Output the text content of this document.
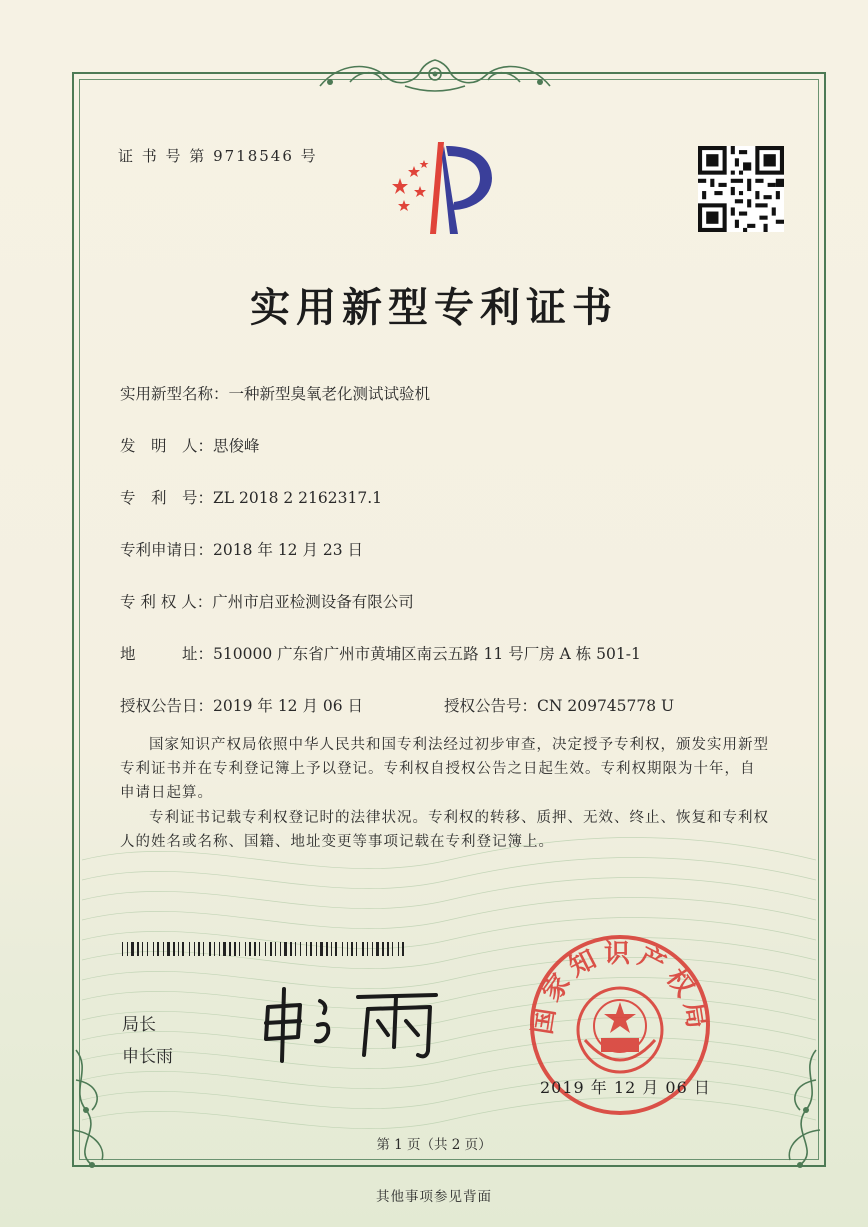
证 书 号 第 9718546 号
实用新型专利证书
实用新型名称：一种新型臭氧老化测试试验机
发　明　人：思俊峰
专　利　号：ZL 2018 2 2162317.1
专利申请日：2018 年 12 月 23 日
专 利 权 人：广州市启亚检测设备有限公司
地　　　址：510000 广东省广州市黄埔区南云五路 11 号厂房 A 栋 501-1
授权公告日：2019 年 12 月 06 日	授权公告号：CN 209745778 U
国家知识产权局依照中华人民共和国专利法经过初步审查，决定授予专利权，颁发实用新型专利证书并在专利登记簿上予以登记。专利权自授权公告之日起生效。专利权期限为十年，自申请日起算。
专利证书记载专利权登记时的法律状况。专利权的转移、质押、无效、终止、恢复和专利权人的姓名或名称、国籍、地址变更等事项记载在专利登记簿上。
局长
申长雨
国家知识产权局
2019 年 12 月 06 日
第 1 页（共 2 页）
其他事项参见背面
